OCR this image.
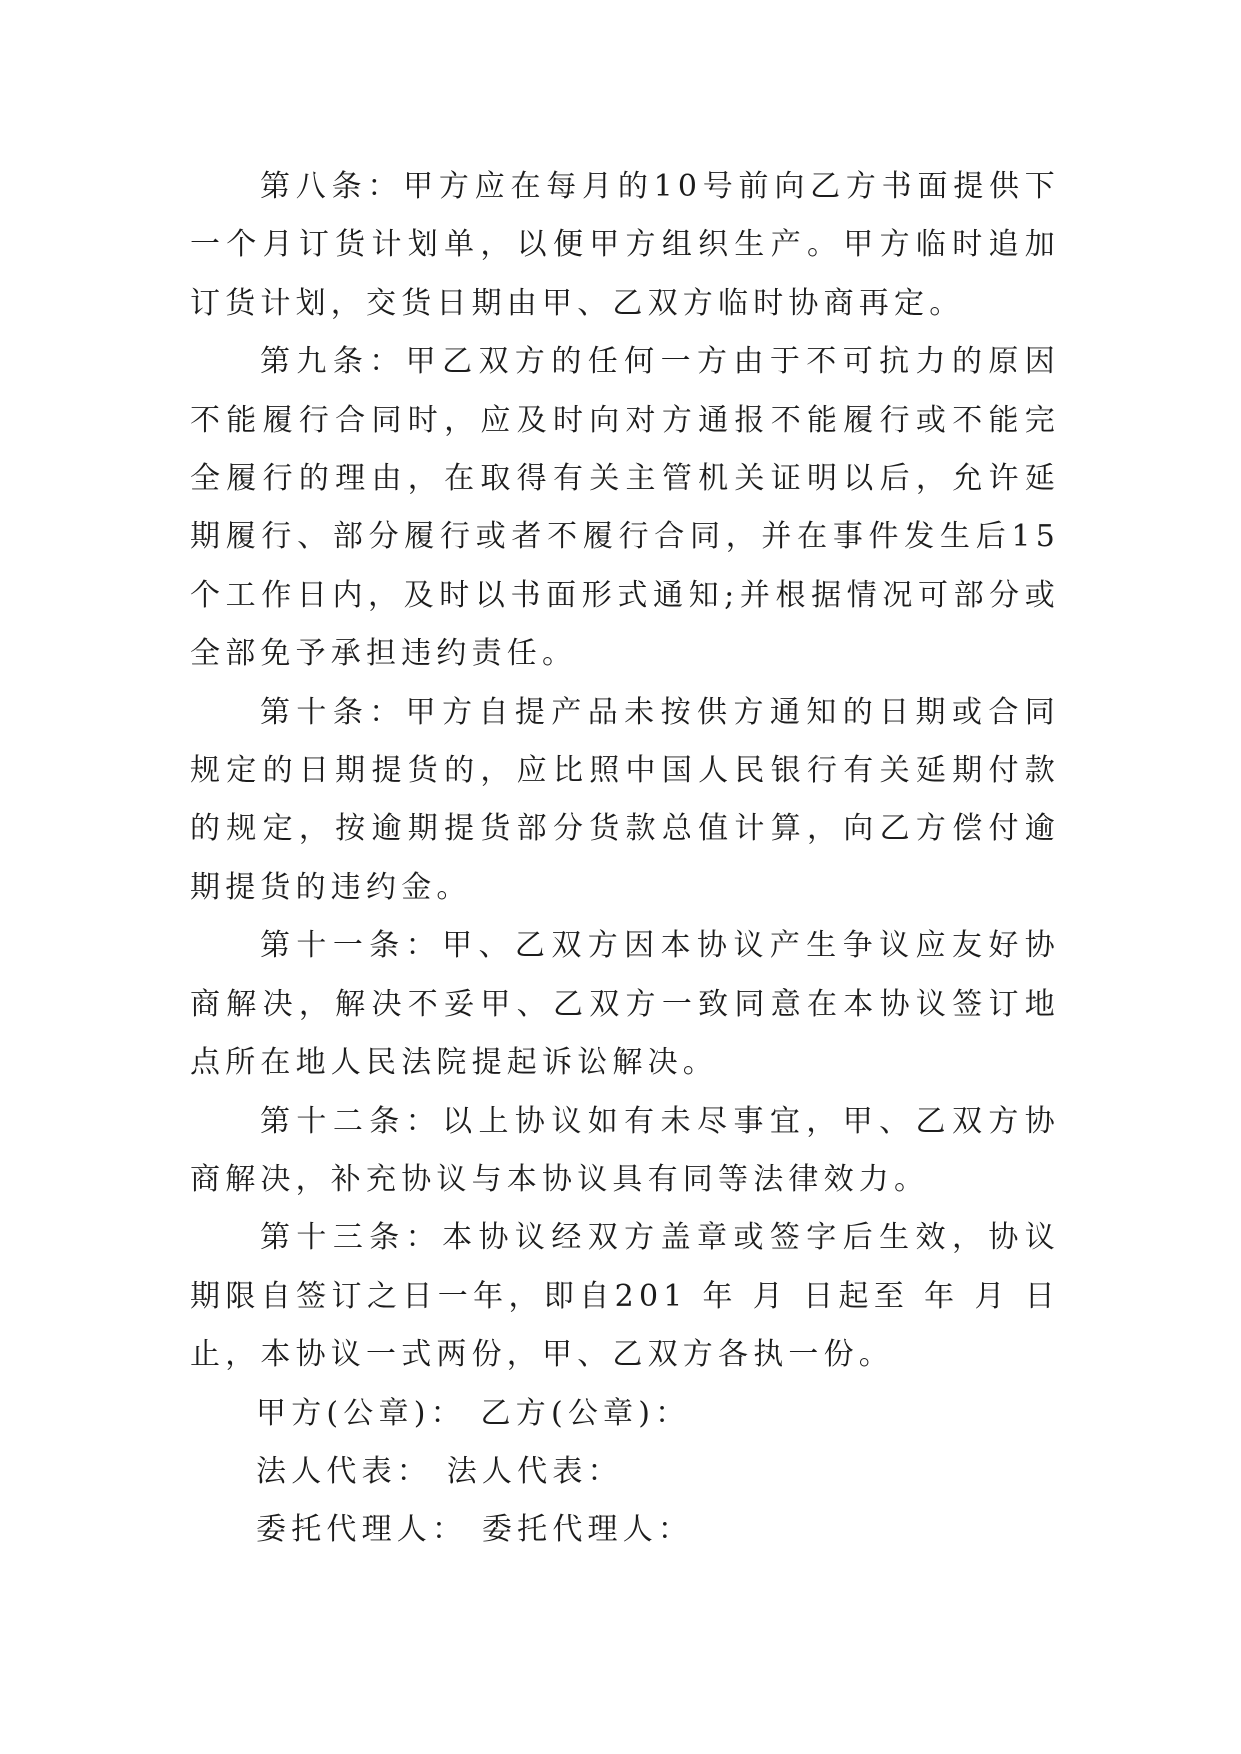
第八条：甲方应在每月的10号前向乙方书面提供下一个月订货计划单，以便甲方组织生产。甲方临时追加订货计划，交货日期由甲、乙双方临时协商再定。

第九条：甲乙双方的任何一方由于不可抗力的原因不能履行合同时，应及时向对方通报不能履行或不能完全履行的理由，在取得有关主管机关证明以后，允许延期履行、部分履行或者不履行合同，并在事件发生后15个工作日内，及时以书面形式通知;并根据情况可部分或全部免予承担违约责任。

第十条：甲方自提产品未按供方通知的日期或合同规定的日期提货的，应比照中国人民银行有关延期付款的规定，按逾期提货部分货款总值计算，向乙方偿付逾期提货的违约金。

第十一条：甲、乙双方因本协议产生争议应友好协商解决，解决不妥甲、乙双方一致同意在本协议签订地点所在地人民法院提起诉讼解决。

第十二条：以上协议如有未尽事宜，甲、乙双方协商解决，补充协议与本协议具有同等法律效力。

第十三条：本协议经双方盖章或签字后生效，协议期限自签订之日一年，即自201 年 月 日起至 年 月 日止，本协议一式两份，甲、乙双方各执一份。

甲方(公章)： 乙方(公章)：

法人代表： 法人代表：

委托代理人： 委托代理人：
